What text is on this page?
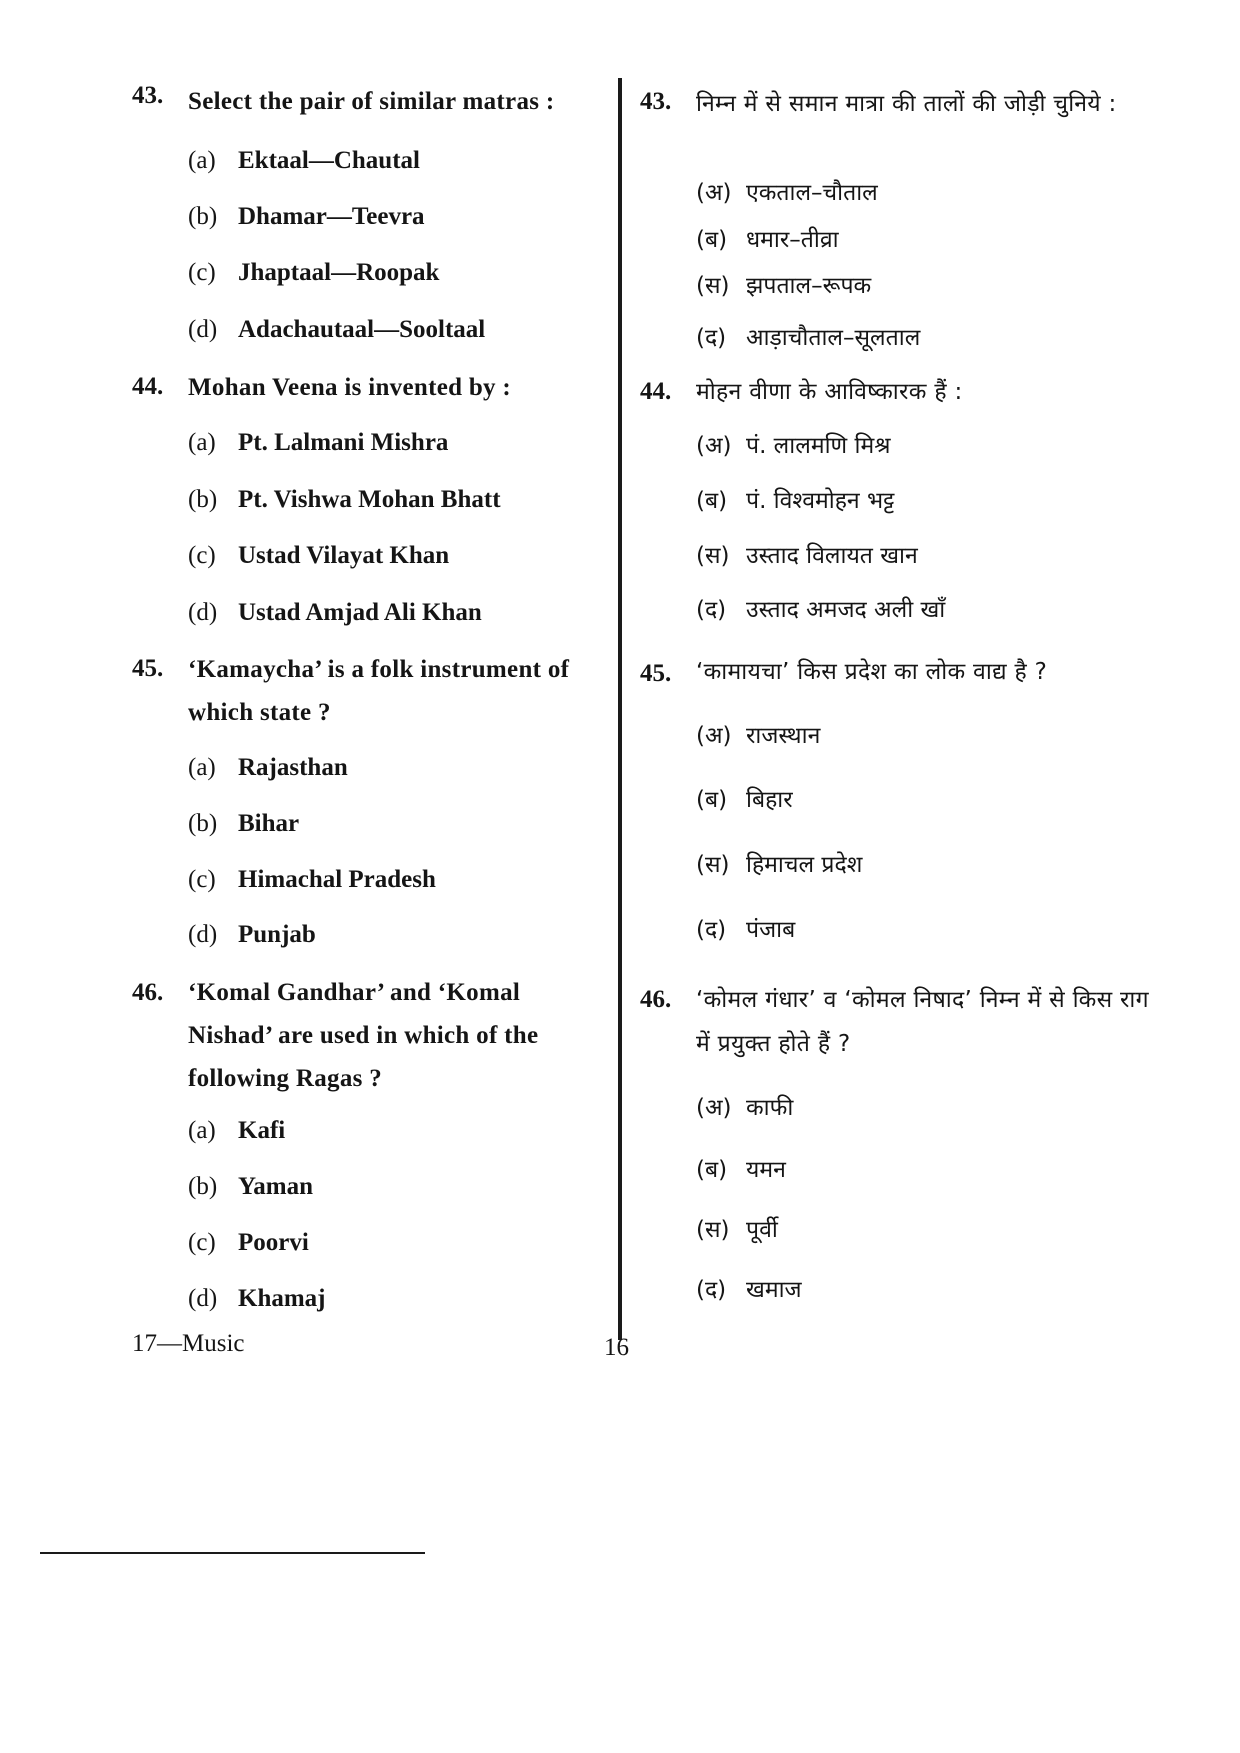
43. Select the pair of similar matras :
(a) Ektaal—Chautal
(b) Dhamar—Teevra
(c) Jhaptaal—Roopak
(d) Adachautaal—Sooltaal
44. Mohan Veena is invented by :
(a) Pt. Lalmani Mishra
(b) Pt. Vishwa Mohan Bhatt
(c) Ustad Vilayat Khan
(d) Ustad Amjad Ali Khan
45. ‘Kamaycha’ is a folk instrument of which state ?
(a) Rajasthan
(b) Bihar
(c) Himachal Pradesh
(d) Punjab
46. ‘Komal Gandhar’ and ‘Komal Nishad’ are used in which of the following Ragas ?
(a) Kafi
(b) Yaman
(c) Poorvi
(d) Khamaj
43. निम्न में से समान मात्रा की तालों की जोड़ी चुनिये :
(अ) एकताल–चौताल
(ब) धमार–तीव्रा
(स) झपताल–रूपक
(द) आड़ाचौताल–सूलताल
44. मोहन वीणा के आविष्कारक हैं :
(अ) पं. लालमणि मिश्र
(ब) पं. विश्वमोहन भट्ट
(स) उस्ताद विलायत खान
(द) उस्ताद अमजद अली खाँ
45. ‘कामायचा’ किस प्रदेश का लोक वाद्य है ?
(अ) राजस्थान
(ब) बिहार
(स) हिमाचल प्रदेश
(द) पंजाब
46. ‘कोमल गंधार’ व ‘कोमल निषाद’ निम्न में से किस राग में प्रयुक्त होते हैं ?
(अ) काफी
(ब) यमन
(स) पूर्वी
(द) खमाज
17—Music	16
